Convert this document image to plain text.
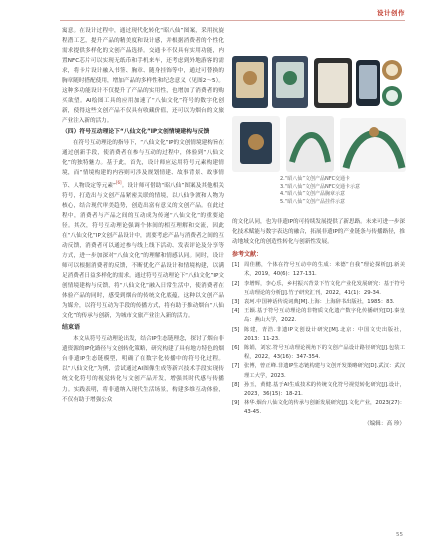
设计创作

寓意。在设计过程中，通过现代化转化“昭八仙”图案，采用抗旋程潜工艺，提升产品的精美度和设计感，并根据消费者的个性化需求提供多样化的文创产品选择。交通卡不仅具有实用功能，内置NFC芯片可以实现无纸币和手机来车，还考虑到外地游客的需求，将卡片设计融入书签、胸章、随身挂饰等中，通过可替换的胸章随时搭配使用，增加产品的多样性和纪念意义（见图2～5）。这种多功能设计不仅提升了产品的实用性，也增加了消费者的购买欲望。AI绘图工具的应用加速了“八仙文化”符号的数字化创新，使得这些文创产品不仅具有收藏价值，还可以为烟台的文旅产业注入新的活力。

（四）符号互动理论下“八仙文化”IP文创情境建构与反馈

在符号互动理论的指导下，“八仙文化”IP的文创情境建构旨在通过创新手段，使消费者在参与互动的过程中，体验到“八仙文化”的独特魅力。基于此，首先，设计师应运用符号元素构建情境，而“情境构建的内容则可涉及规划情建、故事背景、故事情节、人物设定等元素”[6]。设计师可借助“昭八仙”图案及其他相关符号，打造出与文创产品紧密关联的情境，以八仙争渡和人物为核心，结合现代审美趋势，创造出富有意义的文创产品。在此过程中，消费者与产品之间的互动成为传递“八仙文化”的重要途径。其次，符号互动理论强调个体间的相互理解和交流，因此在“八仙文化”IP文创产品设计中，需要考虑产品与消费者之间的互动反馈，消费者可以通过参与线上线下活动、发表评论及分享等方式，进一步加深对“八仙文化”的理解和情感认同。同时，设计师可以根据消费者的反馈，不断优化产品设计和情境构建，以满足消费者日益多样化的需求。通过符号互动理论下“八仙文化”IP文创情境建构与反馈，将“八仙文化”融入日常生活中，使消费者在体验产品的同时，感受到烟台的传统文化底蕴，这种以文创产品为媒介，以符号互动为手段的传播方式，将有助于推动烟台“八仙文化”的传承与创新，为城市文旅产业注入新的活力。

结束语

本文从符号互动理论出发，结合IP生态链理念，探讨了烟台非遗资源的IP化路径与文创转化策略，研究构建了具有地方特色的烟台非遗IP生态链模型，明确了在数字化传播中的符号化过程。以“八仙文化”为例，尝试通过AI图像生成等新兴技术手段实现传统文化符号的视觉转化与文创产品开发，增强其时代感与传播力。实践表明，将非遗纳入现代生活场景，构建多维互动体验，不仅有助于增强公众

2.“昭八仙”文创产品NFC交通卡
3.“昭八仙”文创产品NFC交通卡示意
4.“昭八仙”文创产品胸章示意
5.“昭八仙”文创产品挂件示意

的文化认同，也为非遗IP的可持续发展提供了新思路。未来可进一步深化技术赋能与数字表达的融合，拓展非遗IP的产业链条与传播路径，推动地域文化的创造性转化与创新性发展。

参考文献：
[1] 周佳鹏，个体在符号互动中的生成：米德“自我”理论探析[J].新美术，2019，40(6)：127-131.
[2] 李增辉，李心乐，乡村振兴背景下竹文化产业化发展研究：基于符号互动理论的分析[J].竹子研究汇刊，2022，41(1)：29-34.
[3] 袁珂.中国神话传说词典[M].上海：上海辞书出版社，1985：83.
[4] 王颖.基于符号互动理论的非物质文化遗产数字化传播研究[D].秦皇岛：燕山大学，2022.
[5] 陈建，青浩.非遗IP文创设计研究[M].北京：中国文史出版社，2013：11-23.
[6] 陈娟，刘宏.符号互动理论视角下的文创产品设计路径研究[J].包装工程，2022，43(16)：347-354.
[7] 张博，曾正峰.非遗IP生态链构建与文创开发策略研究[D].武汉：武汉理工大学，2023.
[8] 孙玉，黄健.基于AI生成技术的传统文化符号视觉转化研究[J].设计，2023，36(15)：18-21.
[9] 林华.烟台八仙文化的传承与创新发展研究[J].文化产业，2023(27)：43-45.
（编辑：高 珍）
55
